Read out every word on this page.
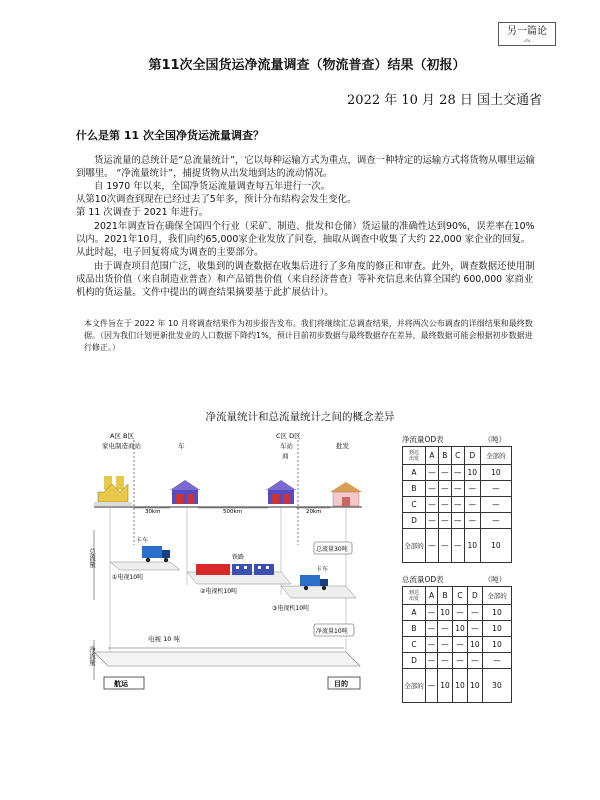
另一篇论
ufw
第11次全国货运净流量调查（物流普查）结果（初报）
2022 年 10 月 28 日 国土交通省
什么是第 11 次全国净货运流量调查？
货运流量的总统计是“总流量统计”，它以每种运输方式为重点，调查一种特定的运输方式将货物从哪里运输到哪里。 “净流量统计”，捕捉货物从出发地到达的流动情况。
自 1970 年以来，全国净货运流量调查每五年进行一次。
从第10次调查到现在已经过去了5年多，预计分布结构会发生变化。
第 11 次调查于 2021 年进行。
2021年调查旨在确保全国四个行业（采矿、制造、批发和仓储）货运量的准确性达到90%，误差率在10%以内。2021年10月，我们向约65,000家企业发放了问卷，抽取从调查中收集了大约 22,000 家企业的回复。从此时起，电子回复将成为调查的主要部分。
由于调查项目范围广泛，收集到的调查数据在收集后进行了多角度的修正和审查。此外，调查数据还使用制成品出货价值（来自制造业普查）和产品销售价值（来自经济普查）等补充信息来估算全国约 600,000 家商业机构的货运量。文件中提出的调查结果摘要基于此扩展估计）。
本文件旨在于 2022 年 10 月将调查结果作为初步报告发布。我们将继续汇总调查结果，并将两次公布调查的详细结果和最终数据。（因为我们计划更新批发业的人口数据下降约1%，预计目前初步数据与最终数据存在差异，最终数据可能会根据初步数据进行修正。）
净流量统计和总流量统计之间的概念差异
A区 B区
家电制造商站	车
C区 D区
车站
商
批发
30km	500km	20km
总流量
卡车
①电视10吨
铁路
②电视机10吨
卡车
③电视机10吨
总流量30吨
净流量10吨
电视 10 吨
净流量
航运	目的
净流量OD表	（吨）
到达
出发	A	B	C	D	全部的
A	—	—	—	10	10
B	—	—	—	—	—
C	—	—	—	—	—
D	—	—	—	—	—
全部的	—	—	—	10	10
总流量OD表	（吨）
到达
出发	A	B	C	D	全部的
A	—	10	—	—	10
B	—	—	10	—	10
C	—	—	—	10	10
D	—	—	—	—	—
全部的	—	10	10	10	30
